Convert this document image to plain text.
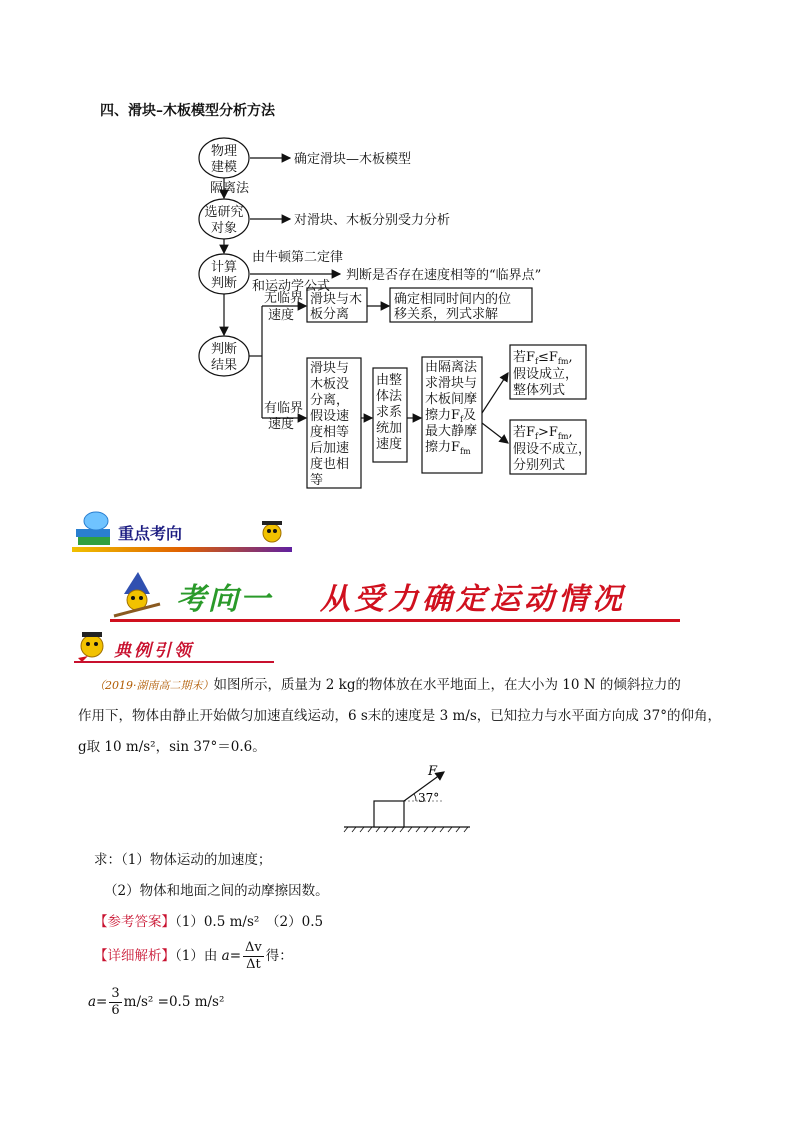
四、滑块–木板模型分析方法
物理
建模
隔离法
选研究
对象
计算
判断
判断
结果
确定滑块—木板模型
对滑块、木板分别受力分析
由牛顿第二定律
和运动学公式
判断是否存在速度相等的“临界点”
无临界
速度
滑块与木
板分离
确定相同时间内的位
移关系，列式求解
有临界
速度
滑块与
木板没
分离，
假设速
度相等
后加速
度也相
等
由整
体法
求系
统加
速度
由隔离法
求滑块与
木板间摩
擦力$F_f$及
最大静摩
擦力$F_{fm}$
若$F_f\le F_{fm}$,
假设成立，
整体列式
若$F_f>F_{fm}$,
假设不成立，
分别列式
重点考向
考向一 从受力确定运动情况
典例引领
（2019·湖南高二期末）如图所示，质量为 2 kg的物体放在水平地面上，在大小为 10 N 的倾斜拉力的
作用下，物体由静止开始做匀加速直线运动，6 s末的速度是 3 m/s，已知拉力与水平面方向成 37°的仰角，
g取 10 m/s²，sin 37°＝0.6。
F
37°
求：（1）物体运动的加速度；
（2）物体和地面之间的动摩擦因数。
【参考答案】（1）0.5 m/s²　（2）0.5
【详细解析】（1）由 $a= \frac{\Delta v}{\Delta t}$ 得：
$a= \frac{3}{6} m/s^2 =0.5$ m/s²
